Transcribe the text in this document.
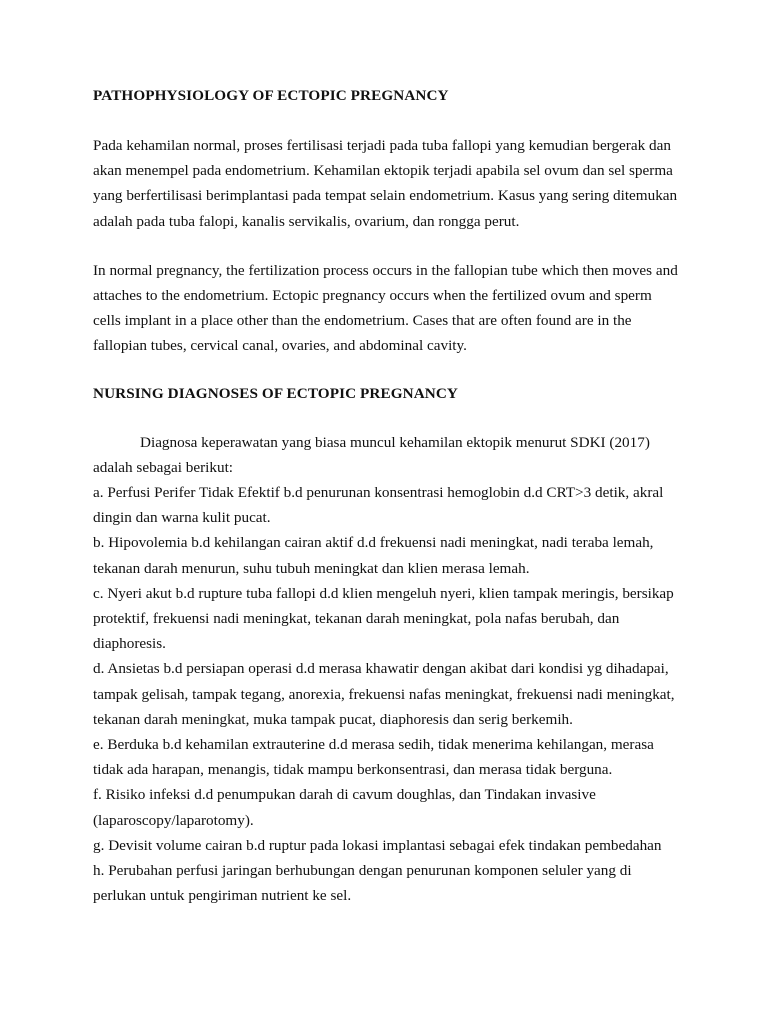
PATHOPHYSIOLOGY OF ECTOPIC PREGNANCY

Pada kehamilan normal, proses fertilisasi terjadi pada tuba fallopi yang kemudian bergerak dan akan menempel pada endometrium. Kehamilan ektopik terjadi apabila sel ovum dan sel sperma yang berfertilisasi berimplantasi pada tempat selain endometrium. Kasus yang sering ditemukan adalah pada tuba falopi, kanalis servikalis, ovarium, dan rongga perut.

In normal pregnancy, the fertilization process occurs in the fallopian tube which then moves and attaches to the endometrium. Ectopic pregnancy occurs when the fertilized ovum and sperm cells implant in a place other than the endometrium. Cases that are often found are in the fallopian tubes, cervical canal, ovaries, and abdominal cavity.

NURSING DIAGNOSES OF ECTOPIC PREGNANCY

Diagnosa keperawatan yang biasa muncul kehamilan ektopik menurut SDKI (2017) adalah sebagai berikut:

a. Perfusi Perifer Tidak Efektif b.d penurunan konsentrasi hemoglobin d.d CRT>3 detik, akral dingin dan warna kulit pucat.

b. Hipovolemia b.d kehilangan cairan aktif d.d frekuensi nadi meningkat, nadi teraba lemah, tekanan darah menurun, suhu tubuh meningkat dan klien merasa lemah.

c. Nyeri akut b.d rupture tuba fallopi d.d klien mengeluh nyeri, klien tampak meringis, bersikap protektif, frekuensi nadi meningkat, tekanan darah meningkat, pola nafas berubah, dan diaphoresis.

d. Ansietas b.d persiapan operasi d.d merasa khawatir dengan akibat dari kondisi yg dihadapai, tampak gelisah, tampak tegang, anorexia, frekuensi nafas meningkat, frekuensi nadi meningkat, tekanan darah meningkat, muka tampak pucat, diaphoresis dan serig berkemih.

e. Berduka b.d kehamilan extrauterine d.d merasa sedih, tidak menerima kehilangan, merasa tidak ada harapan, menangis, tidak mampu berkonsentrasi, dan merasa tidak berguna.

f. Risiko infeksi d.d penumpukan darah di cavum doughlas, dan Tindakan invasive (laparoscopy/laparotomy).

g. Devisit volume cairan b.d ruptur pada lokasi implantasi sebagai efek tindakan pembedahan

h. Perubahan perfusi jaringan berhubungan dengan penurunan komponen seluler yang di perlukan untuk pengiriman nutrient ke sel.
